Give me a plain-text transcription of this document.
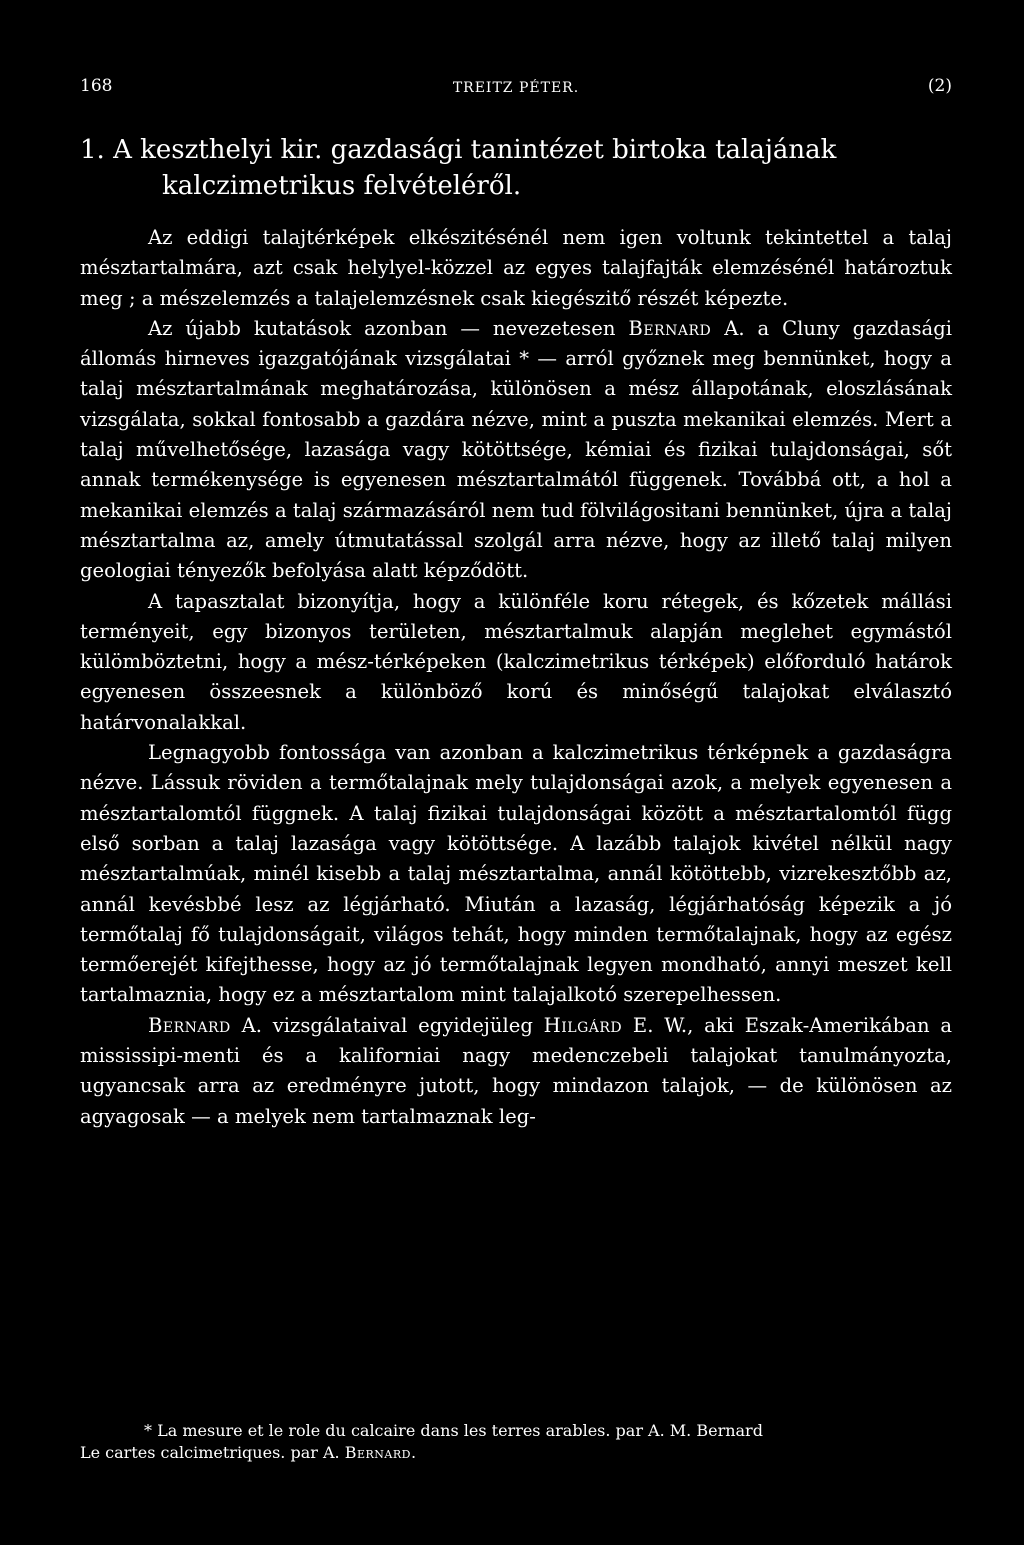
168	TREITZ PÉTER.	(2)
1. A keszthelyi kir. gazdasági tanintézet birtoka talajának
kalczimetrikus felvételéről.

Az eddigi talajtérképek elkészitésénél nem igen voltunk tekintettel a talaj mésztartalmára, azt csak helylyel-közzel az egyes talajfajták elemzésénél határoztuk meg ; a mészelemzés a talajelemzésnek csak kiegészitő részét képezte.

Az újabb kutatások azonban — nevezetesen Bernard A. a Cluny gazdasági állomás hirneves igazgatójának vizsgálatai * — arról győznek meg bennünket, hogy a talaj mésztartalmának meghatározása, különösen a mész állapotának, eloszlásának vizsgálata, sokkal fontosabb a gazdára nézve, mint a puszta mekanikai elemzés. Mert a talaj művelhetősége, lazasága vagy kötöttsége, kémiai és fizikai tulajdonságai, sőt annak termékenysége is egyenesen mésztartalmától függenek. Továbbá ott, a hol a mekanikai elemzés a talaj származásáról nem tud fölvilágositani bennünket, újra a talaj mésztartalma az, amely útmutatással szolgál arra nézve, hogy az illető talaj milyen geologiai tényezők befolyása alatt képződött.

A tapasztalat bizonyítja, hogy a különféle koru rétegek, és kőzetek mállási terményeit, egy bizonyos területen, mésztartalmuk alapján meglehet egymástól külömböztetni, hogy a mész-térképeken (kalczimetrikus térképek) előforduló határok egyenesen összeesnek a különböző korú és minőségű talajokat elválasztó határvonalakkal.

Legnagyobb fontossága van azonban a kalczimetrikus térképnek a gazdaságra nézve. Lássuk röviden a termőtalajnak mely tulajdonságai azok, a melyek egyenesen a mésztartalomtól függnek. A talaj fizikai tulajdonságai között a mésztartalomtól függ első sorban a talaj lazasága vagy kötöttsége. A lazább talajok kivétel nélkül nagy mésztartalmúak, minél kisebb a talaj mésztartalma, annál kötöttebb, vizrekesztőbb az, annál kevésbbé lesz az légjárható. Miután a lazaság, légjárhatóság képezik a jó termőtalaj fő tulajdonságait, világos tehát, hogy minden termőtalajnak, hogy az egész termőerejét kifejthesse, hogy az jó termőtalajnak legyen mondható, annyi meszet kell tartalmaznia, hogy ez a mésztartalom mint talajalkotó szerepelhessen.

Bernard A. vizsgálataival egyidejüleg Hilgárd E. W., aki Eszak-Amerikában a mississipi-menti és a kaliforniai nagy medenczebeli talajokat tanulmányozta, ugyancsak arra az eredményre jutott, hogy mindazon talajok, — de különösen az agyagosak — a melyek nem tartalmaznak leg-

* La mesure et le role du calcaire dans les terres arables. par A. M. Bernard
Le cartes calcimetriques. par A. Bernard.
